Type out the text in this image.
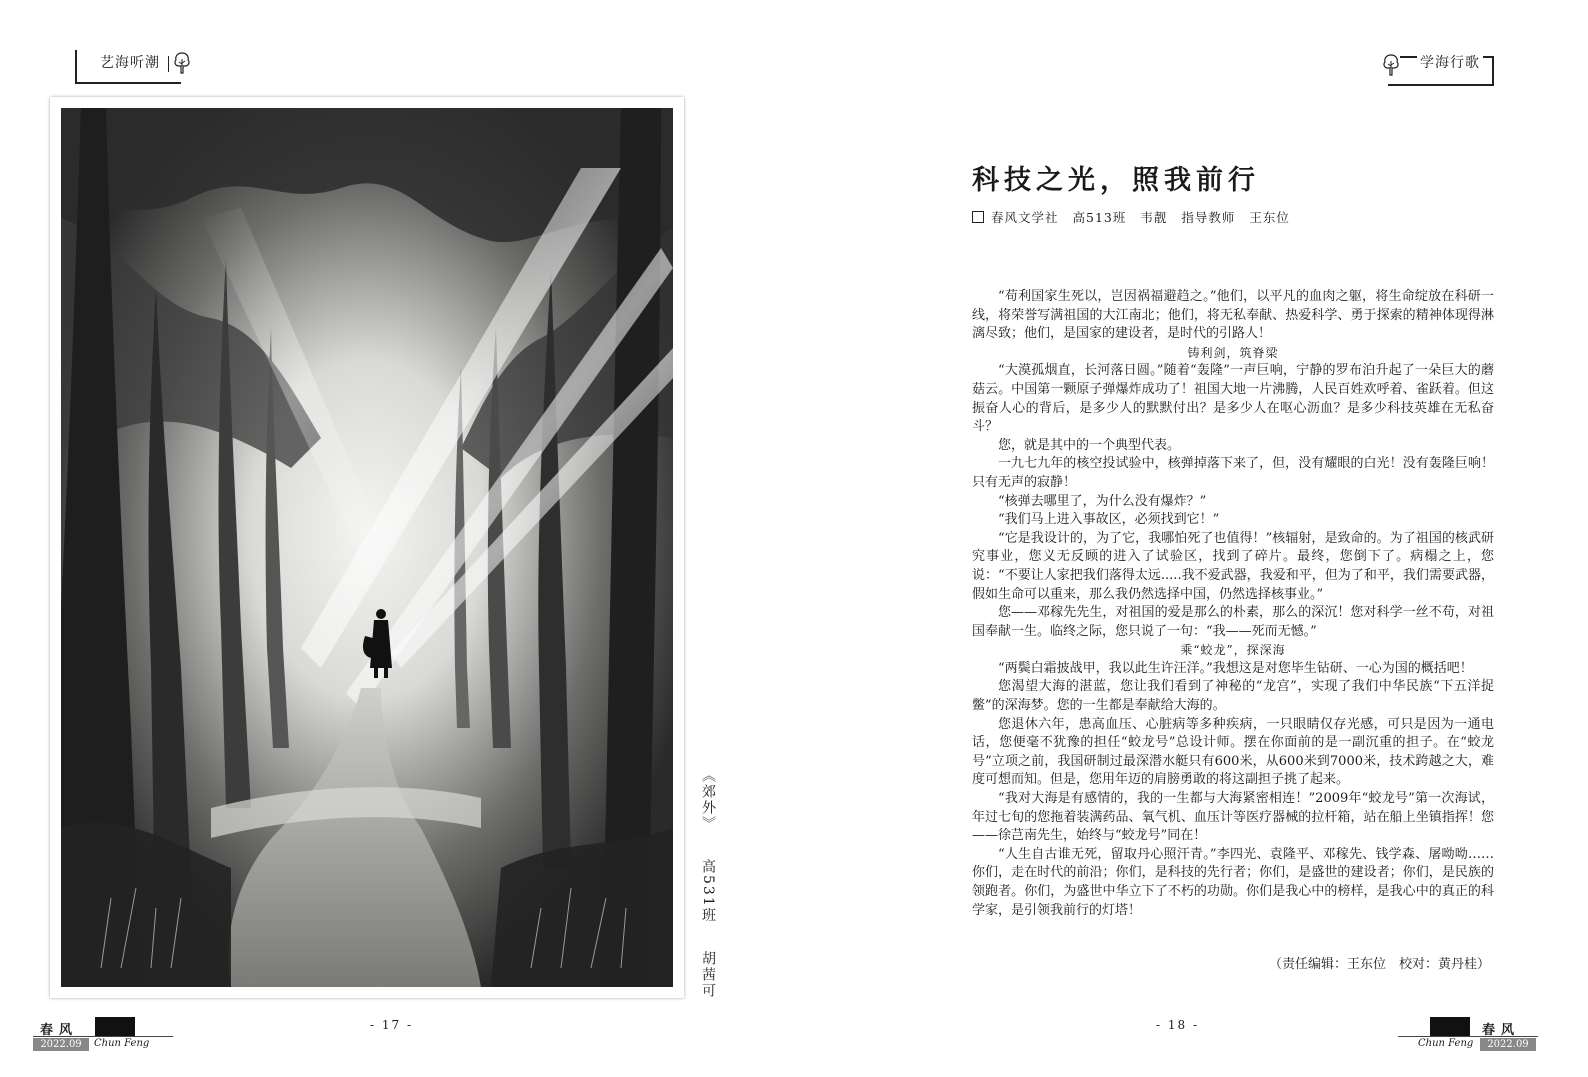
艺海听潮	学海行歌
《郊外》  高531班  胡茜可
科技之光，照我前行
春风文学社 高513班 韦靓 指导教师 王东位

“苟利国家生死以，岂因祸福避趋之。”他们，以平凡的血肉之躯，将生命绽放在科研一线，将荣誉写满祖国的大江南北；他们，将无私奉献、热爱科学、勇于探索的精神体现得淋漓尽致；他们，是国家的建设者，是时代的引路人！

铸利剑，筑脊梁

“大漠孤烟直，长河落日圆。”随着“轰隆”一声巨响，宁静的罗布泊升起了一朵巨大的蘑菇云。中国第一颗原子弹爆炸成功了！祖国大地一片沸腾，人民百姓欢呼着、雀跃着。但这振奋人心的背后，是多少人的默默付出？是多少人在呕心沥血？是多少科技英雄在无私奋斗？

您，就是其中的一个典型代表。

一九七九年的核空投试验中，核弹掉落下来了，但，没有耀眼的白光！没有轰隆巨响！只有无声的寂静！

“核弹去哪里了，为什么没有爆炸？”

“我们马上进入事故区，必须找到它！”

“它是我设计的，为了它，我哪怕死了也值得！”核辐射，是致命的。为了祖国的核武研究事业，您义无反顾的进入了试验区，找到了碎片。最终，您倒下了。病榻之上，您说：“不要让人家把我们落得太远.....我不爱武器，我爱和平，但为了和平，我们需要武器，假如生命可以重来，那么我仍然选择中国，仍然选择核事业。”

您——邓稼先先生，对祖国的爱是那么的朴素，那么的深沉！您对科学一丝不苟，对祖国奉献一生。临终之际，您只说了一句：“我——死而无憾。”

乘“蛟龙”，探深海

“两鬓白霜披战甲，我以此生许汪洋。”我想这是对您毕生钻研、一心为国的概括吧！

您渴望大海的湛蓝，您让我们看到了神秘的“龙宫”，实现了我们中华民族“下五洋捉鳖”的深海梦。您的一生都是奉献给大海的。

您退休六年，患高血压、心脏病等多种疾病，一只眼睛仅存光感，可只是因为一通电话，您便毫不犹豫的担任“蛟龙号”总设计师。摆在你面前的是一副沉重的担子。在“蛟龙号”立项之前，我国研制过最深潜水艇只有600米，从600米到7000米，技术跨越之大，难度可想而知。但是，您用年迈的肩膀勇敢的将这副担子挑了起来。

“我对大海是有感情的，我的一生都与大海紧密相连！”2009年“蛟龙号”第一次海试，年过七旬的您拖着装满药品、氧气机、血压计等医疗器械的拉杆箱，站在船上坐镇指挥！您——徐芑南先生，始终与“蛟龙号”同在！

“人生自古谁无死，留取丹心照汗青。”李四光、袁隆平、邓稼先、钱学森、屠呦呦……你们，走在时代的前沿；你们，是科技的先行者；你们，是盛世的建设者；你们，是民族的领跑者。你们，为盛世中华立下了不朽的功勋。你们是我心中的榜样，是我心中的真正的科学家，是引领我前行的灯塔！

（责任编辑：王东位　校对：黄丹桂）
春风
2022.09	Chun Feng
- 17 -	- 18 -	春风
Chun Feng	2022.09
